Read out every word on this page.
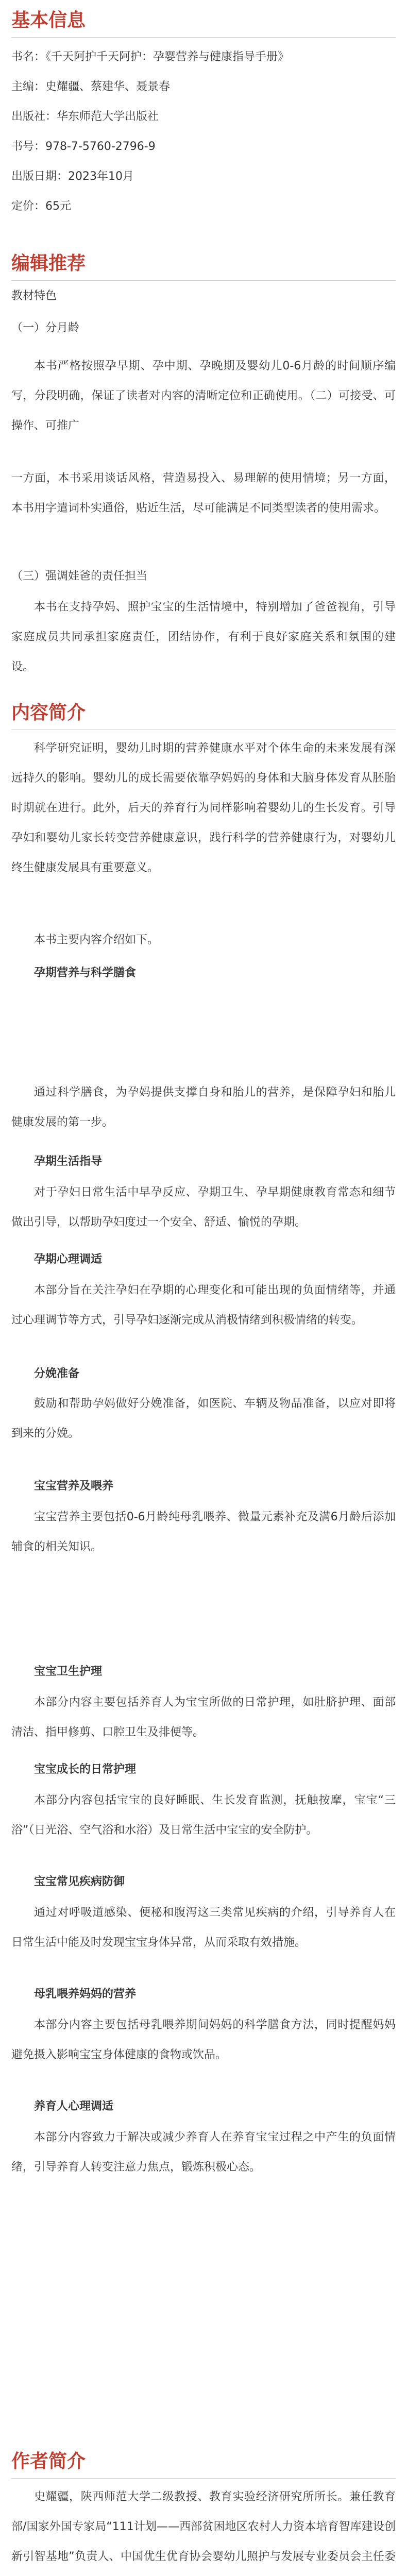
基本信息

书名：《千天阿护千天阿护：孕婴营养与健康指导手册》

主编：史耀疆、蔡建华、聂景春

出版社：华东师范大学出版社

书号：978-7-5760-2796-9

出版日期：2023年10月

定价：65元

编辑推荐

教材特色

（一）分月龄

本书严格按照孕早期、孕中期、孕晚期及婴幼儿0-6月龄的时间顺序编写，分段明确，保证了读者对内容的清晰定位和正确使用。（二）可接受、可操作、可推广

一方面，本书采用谈话风格，营造易投入、易理解的使用情境；另一方面，本书用字遣词朴实通俗，贴近生活，尽可能满足不同类型读者的使用需求。

（三）强调娃爸的责任担当

本书在支持孕妈、照护宝宝的生活情境中，特别增加了爸爸视角，引导家庭成员共同承担家庭责任，团结协作，有利于良好家庭关系和氛围的建设。

内容简介

科学研究证明，婴幼儿时期的营养健康水平对个体生命的未来发展有深远持久的影响。婴幼儿的成长需要依靠孕妈妈的身体和大脑身体发育从胚胎时期就在进行。此外，后天的养育行为同样影响着婴幼儿的生长发育。引导孕妇和婴幼儿家长转变营养健康意识，践行科学的营养健康行为，对婴幼儿终生健康发展具有重要意义。

本书主要内容介绍如下。

孕期营养与科学膳食

通过科学膳食，为孕妈提供支撑自身和胎儿的营养，是保障孕妇和胎儿健康发展的第一步。

孕期生活指导

对于孕妇日常生活中早孕反应、孕期卫生、孕早期健康教育常态和细节做出引导，以帮助孕妇度过一个安全、舒适、愉悦的孕期。

孕期心理调适

本部分旨在关注孕妇在孕期的心理变化和可能出现的负面情绪等，并通过心理调节等方式，引导孕妇逐渐完成从消极情绪到积极情绪的转变。

分娩准备

鼓励和帮助孕妈做好分娩准备，如医院、车辆及物品准备，以应对即将到来的分娩。

宝宝营养及喂养

宝宝营养主要包括0-6月龄纯母乳喂养、微量元素补充及满6月龄后添加辅食的相关知识。

宝宝卫生护理

本部分内容主要包括养育人为宝宝所做的日常护理，如肚脐护理、面部清洁、指甲修剪、口腔卫生及排便等。

宝宝成长的日常护理

本部分内容包括宝宝的良好睡眠、生长发育监测，抚触按摩，宝宝“三浴”（日光浴、空气浴和水浴）及日常生活中宝宝的安全防护。

宝宝常见疾病防御

通过对呼吸道感染、便秘和腹泻这三类常见疾病的介绍，引导养育人在日常生活中能及时发现宝宝身体异常，从而采取有效措施。

母乳喂养妈妈的营养

本部分内容主要包括母乳喂养期间妈妈的科学膳食方法，同时提醒妈妈避免摄入影响宝宝身体健康的食物或饮品。

养育人心理调适

本部分内容致力于解决或减少养育人在养育宝宝过程之中产生的负面情绪，引导养育人转变注意力焦点，锻炼积极心态。

作者简介

史耀疆，陕西师范大学二级教授、教育实验经济研究所所长。兼任教育部/国家外国专家局“111计划——西部贫困地区农村人力资本培育智库建设创新引智基地”负责人、中国优生优育协会婴幼儿照护与发展专业委员会主任委
